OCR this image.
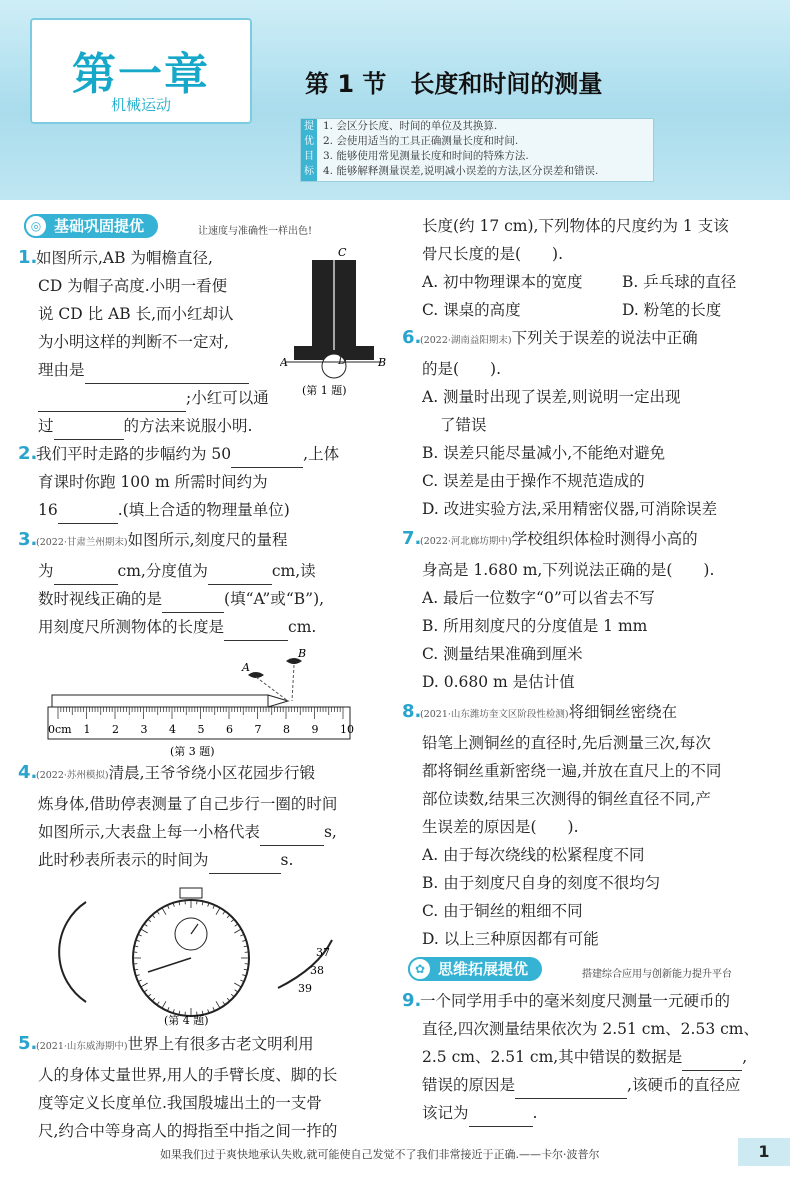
第一章
机械运动
第 1 节　长度和时间的测量
提优目标
1. 会区分长度、时间的单位及其换算.
2. 会使用适当的工具正确测量长度和时间.
3. 能够使用常见测量长度和时间的特殊方法.
4. 能够解释测量误差,说明减小误差的方法,区分误差和错误.
基础巩固提优
◎	让速度与准确性一样出色!
C
D
A	B
(第 1 题)
1.如图所示,AB 为帽檐直径,
CD 为帽子高度.小明一看便
说 CD 比 AB 长,而小红却认
为小明这样的判断不一定对,
理由是
;小红可以通
过	的方法来说服小明.
2.我们平时走路的步幅约为 50	,上体
育课时你跑 100 m 所需时间约为
16	.(填上合适的物理量单位)
3.(2022·甘肃兰州期末)如图所示,刻度尺的量程
为	cm,分度值为	cm,读
数时视线正确的是	(填“A”或“B”),
用刻度尺所测物体的长度是	cm.
0cm 1 2 3 4 5 6 7 8 9 10
A
B
(第 3 题)
4.(2022·苏州模拟)清晨,王爷爷绕小区花园步行锻
炼身体,借助停表测量了自己步行一圈的时间
如图所示,大表盘上每一小格代表	s,
此时秒表所表示的时间为	s.
37
38
39
(第 4 题)
5.(2021·山东威海期中)世界上有很多古老文明利用
人的身体丈量世界,用人的手臂长度、脚的长
度等定义长度单位.我国殷墟出土的一支骨
尺,约合中等身高人的拇指至中指之间一拃的
长度(约 17 cm),下列物体的尺度约为 1 支该
骨尺长度的是(　　).
A. 初中物理课本的宽度	B. 乒乓球的直径
C. 课桌的高度	D. 粉笔的长度
6.(2022·湖南益阳期末)下列关于误差的说法中正确
的是(　　).
A. 测量时出现了误差,则说明一定出现
了错误
B. 误差只能尽量减小,不能绝对避免
C. 误差是由于操作不规范造成的
D. 改进实验方法,采用精密仪器,可消除误差
7.(2022·河北廊坊期中)学校组织体检时测得小高的
身高是 1.680 m,下列说法正确的是(　　).
A. 最后一位数字“0”可以省去不写
B. 所用刻度尺的分度值是 1 mm
C. 测量结果准确到厘米
D. 0.680 m 是估计值
8.(2021·山东潍坊奎文区阶段性检测)将细铜丝密绕在
铅笔上测铜丝的直径时,先后测量三次,每次
都将铜丝重新密绕一遍,并放在直尺上的不同
部位读数,结果三次测得的铜丝直径不同,产
生误差的原因是(　　).
A. 由于每次绕线的松紧程度不同
B. 由于刻度尺自身的刻度不很均匀
C. 由于铜丝的粗细不同
D. 以上三种原因都有可能
思维拓展提优
✿	搭建综合应用与创新能力提升平台
9.一个同学用手中的毫米刻度尺测量一元硬币的
直径,四次测量结果依次为 2.51 cm、2.53 cm、
2.5 cm、2.51 cm,其中错误的数据是	,
错误的原因是	,该硬币的直径应
该记为	.
如果我们过于爽快地承认失败,就可能使自己发觉不了我们非常接近于正确.——卡尔·波普尔	1
